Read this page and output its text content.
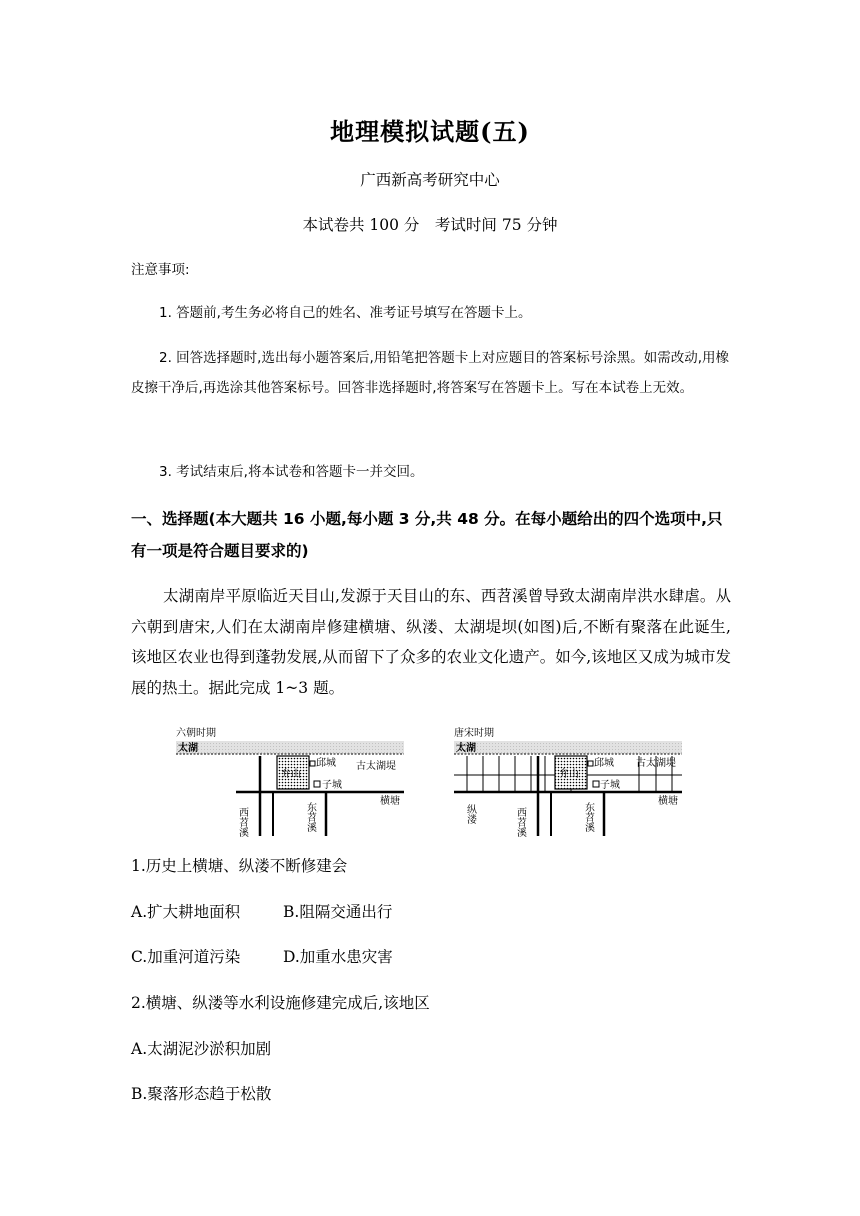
地理模拟试题(五)
广西新高考研究中心
本试卷共 100 分　考试时间 75 分钟
注意事项:
1. 答题前,考生务必将自己的姓名、准考证号填写在答题卡上。
2. 回答选择题时,选出每小题答案后,用铅笔把答题卡上对应题目的答案标号涂黑。如需改动,用橡皮擦干净后,再选涂其他答案标号。回答非选择题时,将答案写在答题卡上。写在本试卷上无效。
3. 考试结束后,将本试卷和答题卡一并交回。
一、选择题(本大题共 16 小题,每小题 3 分,共 48 分。在每小题给出的四个选项中,只有一项是符合题目要求的)
太湖南岸平原临近天目山,发源于天目山的东、西苕溪曾导致太湖南岸洪水肆虐。从六朝到唐宋,人们在太湖南岸修建横塘、纵溇、太湖堤坝(如图)后,不断有聚落在此诞生,该地区农业也得到蓬勃发展,从而留下了众多的农业文化遗产。如今,该地区又成为城市发展的热土。据此完成 1~3 题。
六朝时期
太湖
弁山
邱城 古太湖堤
子城
西苕溪	东苕溪
横塘
唐宋时期
太湖
弁山
邱城 古太湖堤
子城
纵溇	西苕溪	东苕溪
横塘
1.历史上横塘、纵溇不断修建会
A.扩大耕地面积	B.阻隔交通出行
C.加重河道污染	D.加重水患灾害
2.横塘、纵溇等水利设施修建完成后,该地区
A.太湖泥沙淤积加剧
B.聚落形态趋于松散
